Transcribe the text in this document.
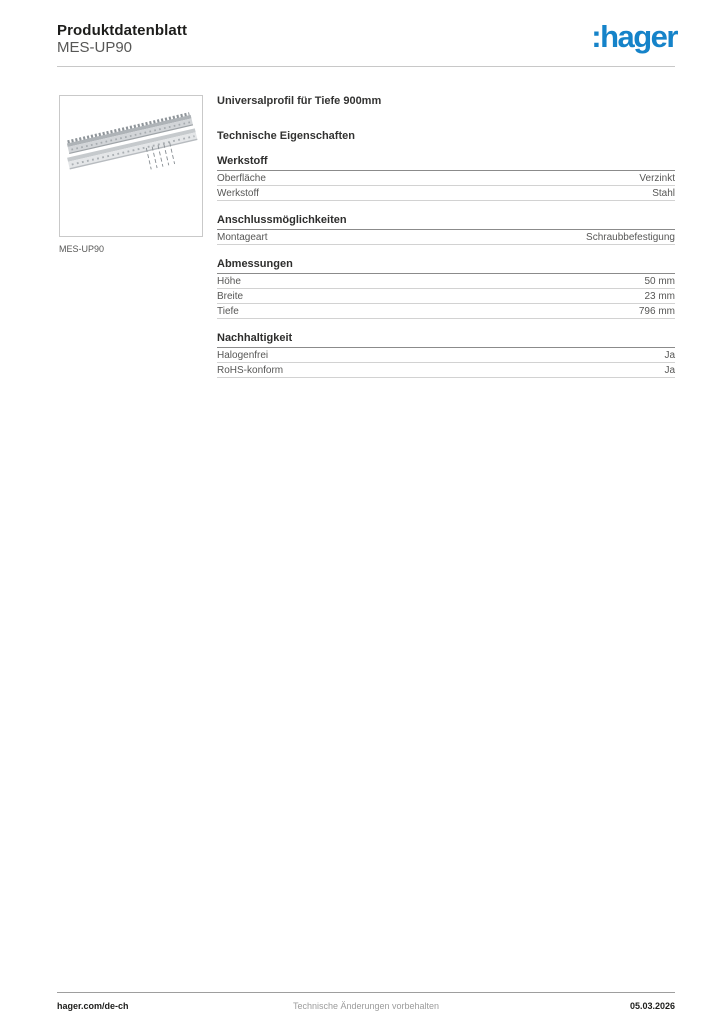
Produktdatenblatt
MES-UP90	:hager
MES-UP90
Universalprofil für Tiefe 900mm
Technische Eigenschaften
Werkstoff
Oberfläche	Verzinkt
Werkstoff	Stahl
Anschlussmöglichkeiten
Montageart	Schraubbefestigung
Abmessungen
Höhe	50 mm
Breite	23 mm
Tiefe	796 mm
Nachhaltigkeit
Halogenfrei	Ja
RoHS-konform	Ja
hager.com/de-ch	Technische Änderungen vorbehalten	05.03.2026
